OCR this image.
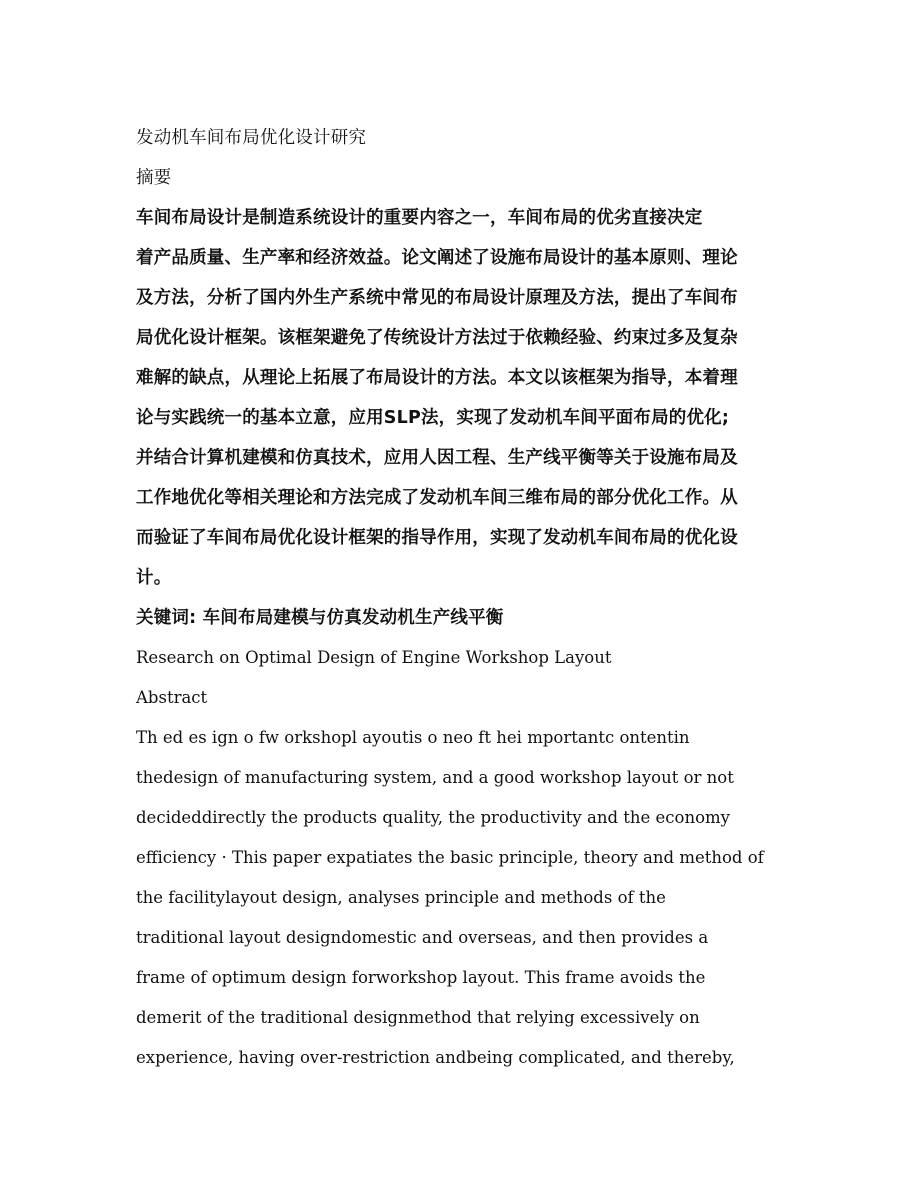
发动机车间布局优化设计研究
摘要
车间布局设计是制造系统设计的重要内容之一，车间布局的优劣直接决定
着产品质量、生产率和经济效益。论文阐述了设施布局设计的基本原则、理论
及方法，分析了国内外生产系统中常见的布局设计原理及方法，提出了车间布
局优化设计框架。该框架避免了传统设计方法过于依赖经验、约束过多及复杂
难解的缺点，从理论上拓展了布局设计的方法。本文以该框架为指导，本着理
论与实践统一的基本立意，应用SLP法，实现了发动机车间平面布局的优化;
并结合计算机建模和仿真技术，应用人因工程、生产线平衡等关于设施布局及
工作地优化等相关理论和方法完成了发动机车间三维布局的部分优化工作。从
而验证了车间布局优化设计框架的指导作用，实现了发动机车间布局的优化设
计。
关键词: 车间布局建模与仿真发动机生产线平衡
Research on Optimal Design of Engine Workshop Layout
Abstract
Th ed es ign o fw orkshopl ayoutis o neo ft hei mportantc ontentin
thedesign of manufacturing system, and a good workshop layout or not
decideddirectly the products quality, the productivity and the economy
efficiency · This paper expatiates the basic principle, theory and method of
the facilitylayout design, analyses principle and methods of the
traditional layout designdomestic and overseas, and then provides a
frame of optimum design forworkshop layout. This frame avoids the
demerit of the traditional designmethod that relying excessively on
experience, having over-restriction andbeing complicated, and thereby,
